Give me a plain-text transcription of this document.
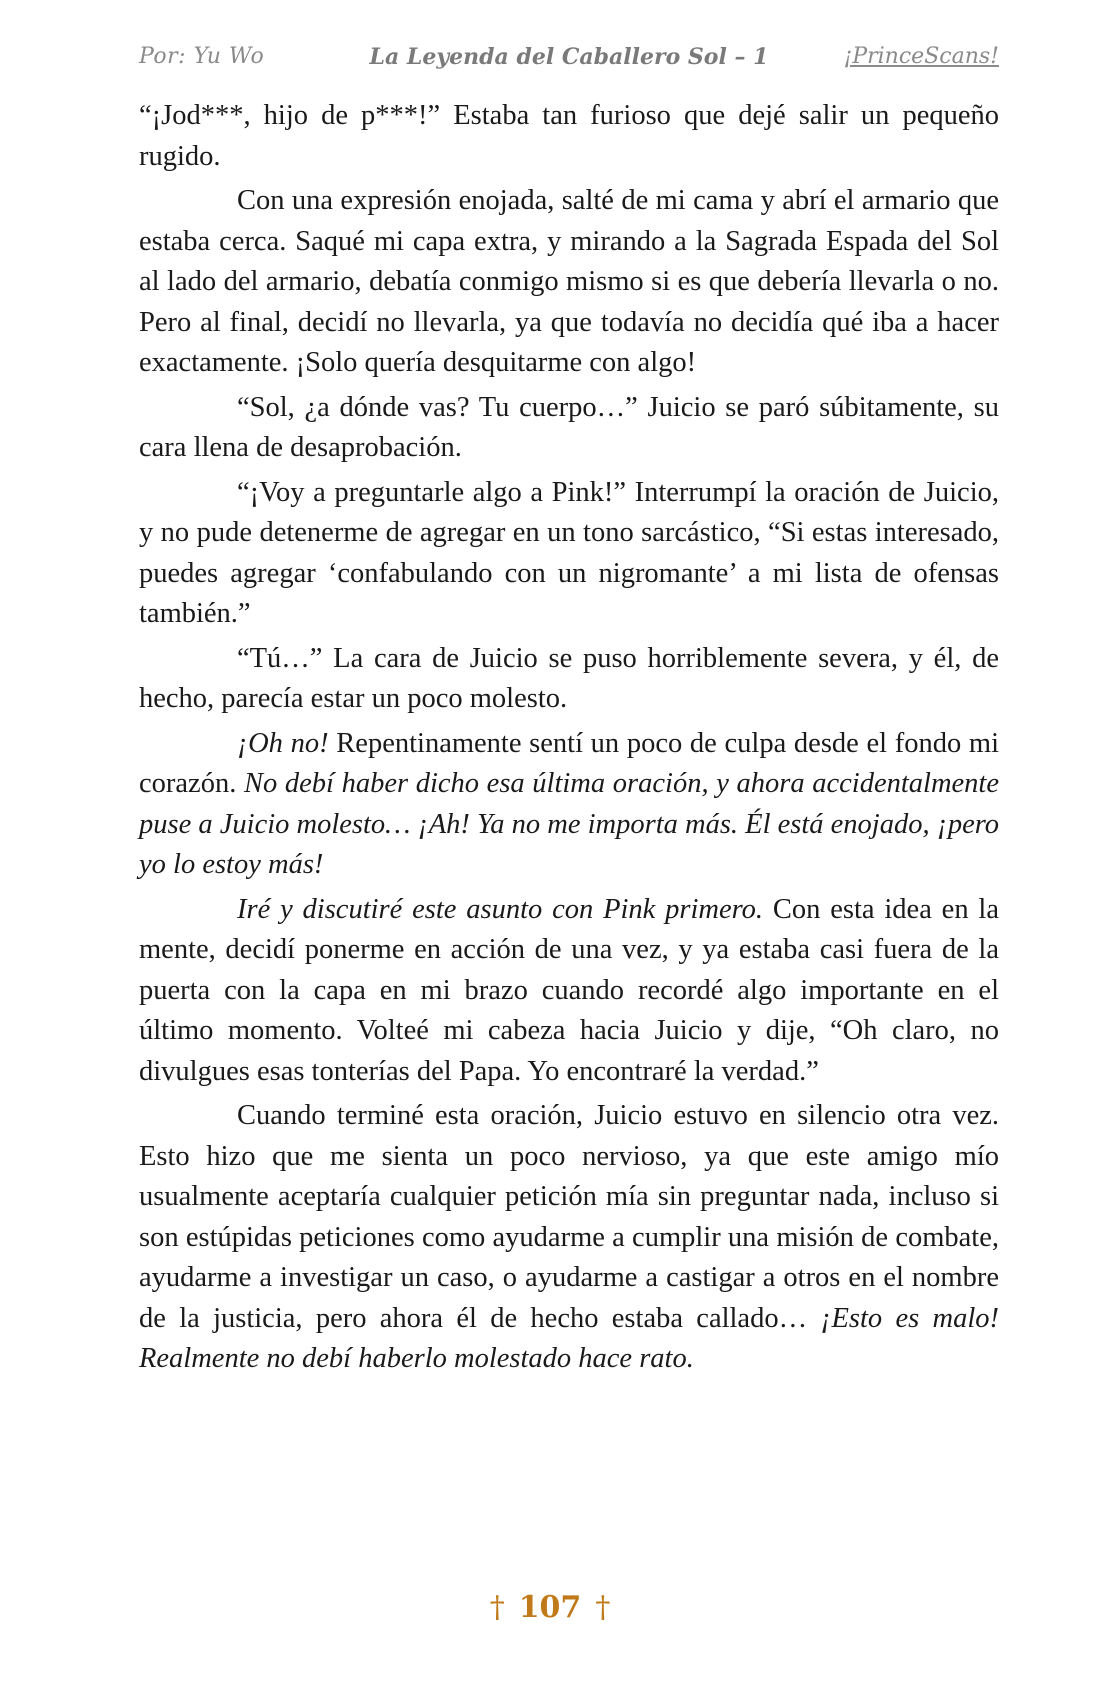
Por: Yu Wo	La Leyenda del Caballero Sol – 1	¡PrinceScans!

“¡Jod***, hijo de p***!” Estaba tan furioso que dejé salir un pequeño rugido.

Con una expresión enojada, salté de mi cama y abrí el armario que estaba cerca. Saqué mi capa extra, y mirando a la Sagrada Espada del Sol al lado del armario, debatía conmigo mismo si es que debería llevarla o no. Pero al final, decidí no llevarla, ya que todavía no decidía qué iba a hacer exactamente. ¡Solo quería desquitarme con algo!

“Sol, ¿a dónde vas? Tu cuerpo…” Juicio se paró súbitamente, su cara llena de desaprobación.

“¡Voy a preguntarle algo a Pink!” Interrumpí la oración de Juicio, y no pude detenerme de agregar en un tono sarcástico, “Si estas interesado, puedes agregar ‘confabulando con un nigromante’ a mi lista de ofensas también.”

“Tú…” La cara de Juicio se puso horriblemente severa, y él, de hecho, parecía estar un poco molesto.

¡Oh no! Repentinamente sentí un poco de culpa desde el fondo mi corazón. No debí haber dicho esa última oración, y ahora accidentalmente puse a Juicio molesto… ¡Ah! Ya no me importa más. Él está enojado, ¡pero yo lo estoy más!

Iré y discutiré este asunto con Pink primero. Con esta idea en la mente, decidí ponerme en acción de una vez, y ya estaba casi fuera de la puerta con la capa en mi brazo cuando recordé algo importante en el último momento. Volteé mi cabeza hacia Juicio y dije, “Oh claro, no divulgues esas tonterías del Papa. Yo encontraré la verdad.”

Cuando terminé esta oración, Juicio estuvo en silencio otra vez. Esto hizo que me sienta un poco nervioso, ya que este amigo mío usualmente aceptaría cualquier petición mía sin preguntar nada, incluso si son estúpidas peticiones como ayudarme a cumplir una misión de combate, ayudarme a investigar un caso, o ayudarme a castigar a otros en el nombre de la justicia, pero ahora él de hecho estaba callado… ¡Esto es malo! Realmente no debí haberlo molestado hace rato.

† 107 †
